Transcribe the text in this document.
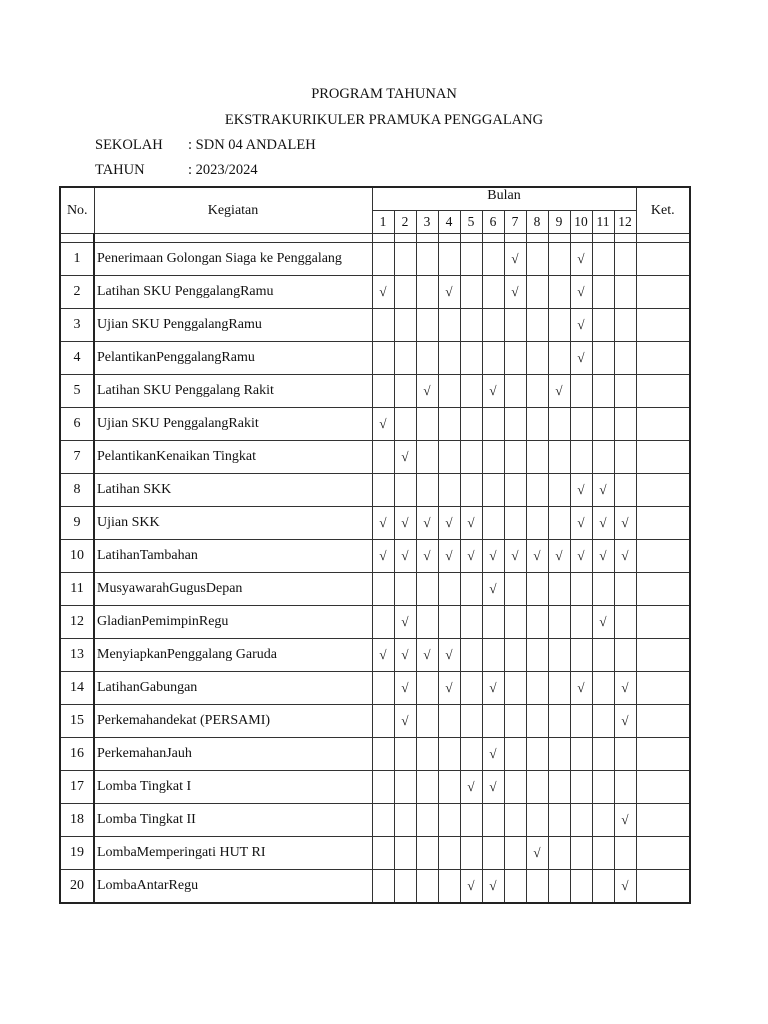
PROGRAM TAHUNAN
EKSTRAKURIKULER PRAMUKA PENGGALANG
SEKOLAH : SDN 04 ANDALEH
TAHUN	: 2023/2024
No.	Kegiatan	Bulan												Ket.
		1	2	3	4	5	6	7	8	9	10	11	12	

1	Penerimaan Golongan Siaga ke Penggalang							√			√			
2	Latihan SKU PenggalangRamu	√			√			√			√			
3	Ujian SKU PenggalangRamu										√			
4	PelantikanPenggalangRamu										√			
5	Latihan SKU Penggalang Rakit			√			√			√				
6	Ujian SKU PenggalangRakit	√												
7	PelantikanKenaikan Tingkat		√											
8	Latihan SKK										√	√		
9	Ujian SKK	√	√	√	√	√					√	√	√	
10	LatihanTambahan	√	√	√	√	√	√	√	√	√	√	√	√	
11	MusyawarahGugusDepan						√							
12	GladianPemimpinRegu		√									√		
13	MenyiapkanPenggalang Garuda	√	√	√	√									
14	LatihanGabungan		√		√		√				√		√	
15	Perkemahandekat (PERSAMI)		√										√	
16	PerkemahanJauh						√							
17	Lomba Tingkat I					√	√							
18	Lomba Tingkat II												√	
19	LombaMemperingati HUT RI								√					
20	LombaAntarRegu					√	√						√	
